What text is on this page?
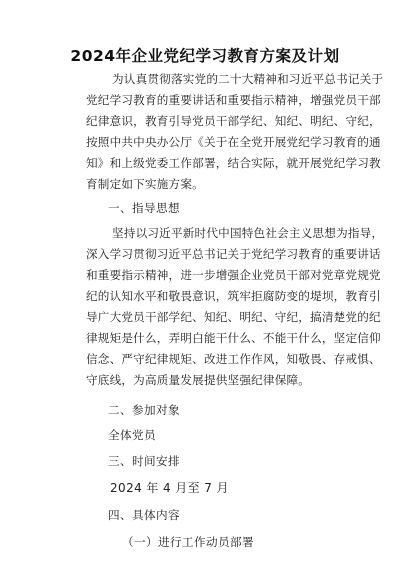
2024年企业党纪学习教育方案及计划
为认真贯彻落实党的二十大精神和习近平总书记关于
党纪学习教育的重要讲话和重要指示精神，增强党员干部
纪律意识，教育引导党员干部学纪、知纪、明纪、守纪，
按照中共中央办公厅《关于在全党开展党纪学习教育的通
知》和上级党委工作部署，结合实际，就开展党纪学习教
育制定如下实施方案。
一、指导思想
坚持以习近平新时代中国特色社会主义思想为指导，
深入学习贯彻习近平总书记关于党纪学习教育的重要讲话
和重要指示精神，进一步增强企业党员干部对党章党规党
纪的认知水平和敬畏意识，筑牢拒腐防变的堤坝，教育引
导广大党员干部学纪、知纪、明纪、守纪，搞清楚党的纪
律规矩是什么，弄明白能干什么、不能干什么，坚定信仰
信念、严守纪律规矩、改进工作作风，知敬畏、存戒惧、
守底线，为高质量发展提供坚强纪律保障。
二、参加对象
全体党员
三、时间安排
2024 年 4 月至 7 月
四、具体内容
（一）进行工作动员部署
